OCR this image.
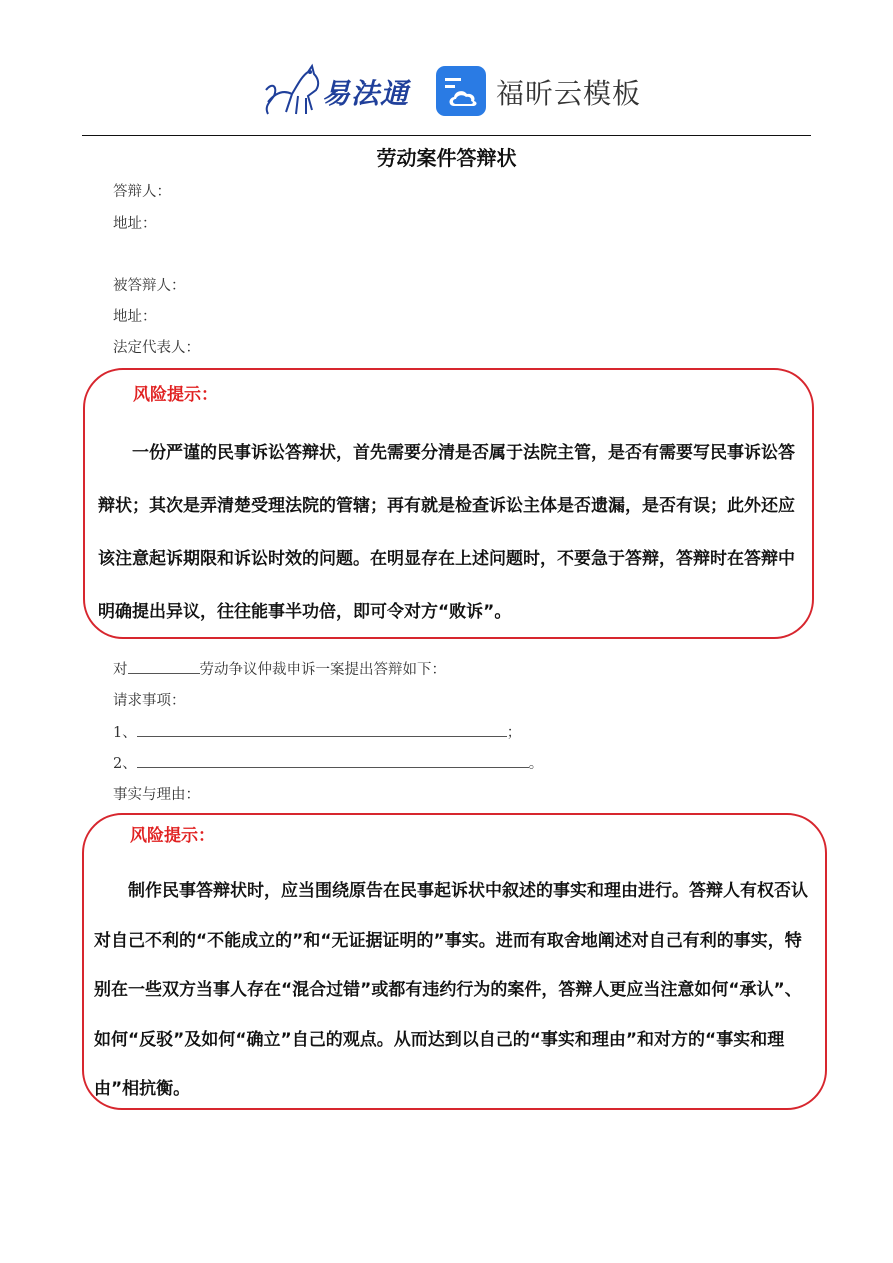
易法通	福昕云模板
劳动案件答辩状
答辩人：
地址：
被答辩人：
地址：
法定代表人：
风险提示：

一份严谨的民事诉讼答辩状，首先需要分清是否属于法院主管，是否有需要写民事诉讼答辩状；其次是弄清楚受理法院的管辖；再有就是检查诉讼主体是否遗漏，是否有误；此外还应该注意起诉期限和诉讼时效的问题。在明显存在上述问题时，不要急于答辩，答辩时在答辩中明确提出异议，往往能事半功倍，即可令对方“败诉”。

对	劳动争议仲裁申诉一案提出答辩如下：
请求事项：
1、	；
2、	。
事实与理由：
风险提示：

制作民事答辩状时，应当围绕原告在民事起诉状中叙述的事实和理由进行。答辩人有权否认对自己不利的“不能成立的”和“无证据证明的”事实。进而有取舍地阐述对自己有利的事实，特别在一些双方当事人存在“混合过错”或都有违约行为的案件，答辩人更应当注意如何“承认”、如何“反驳”及如何“确立”自己的观点。从而达到以自己的“事实和理由”和对方的“事实和理由”相抗衡。
